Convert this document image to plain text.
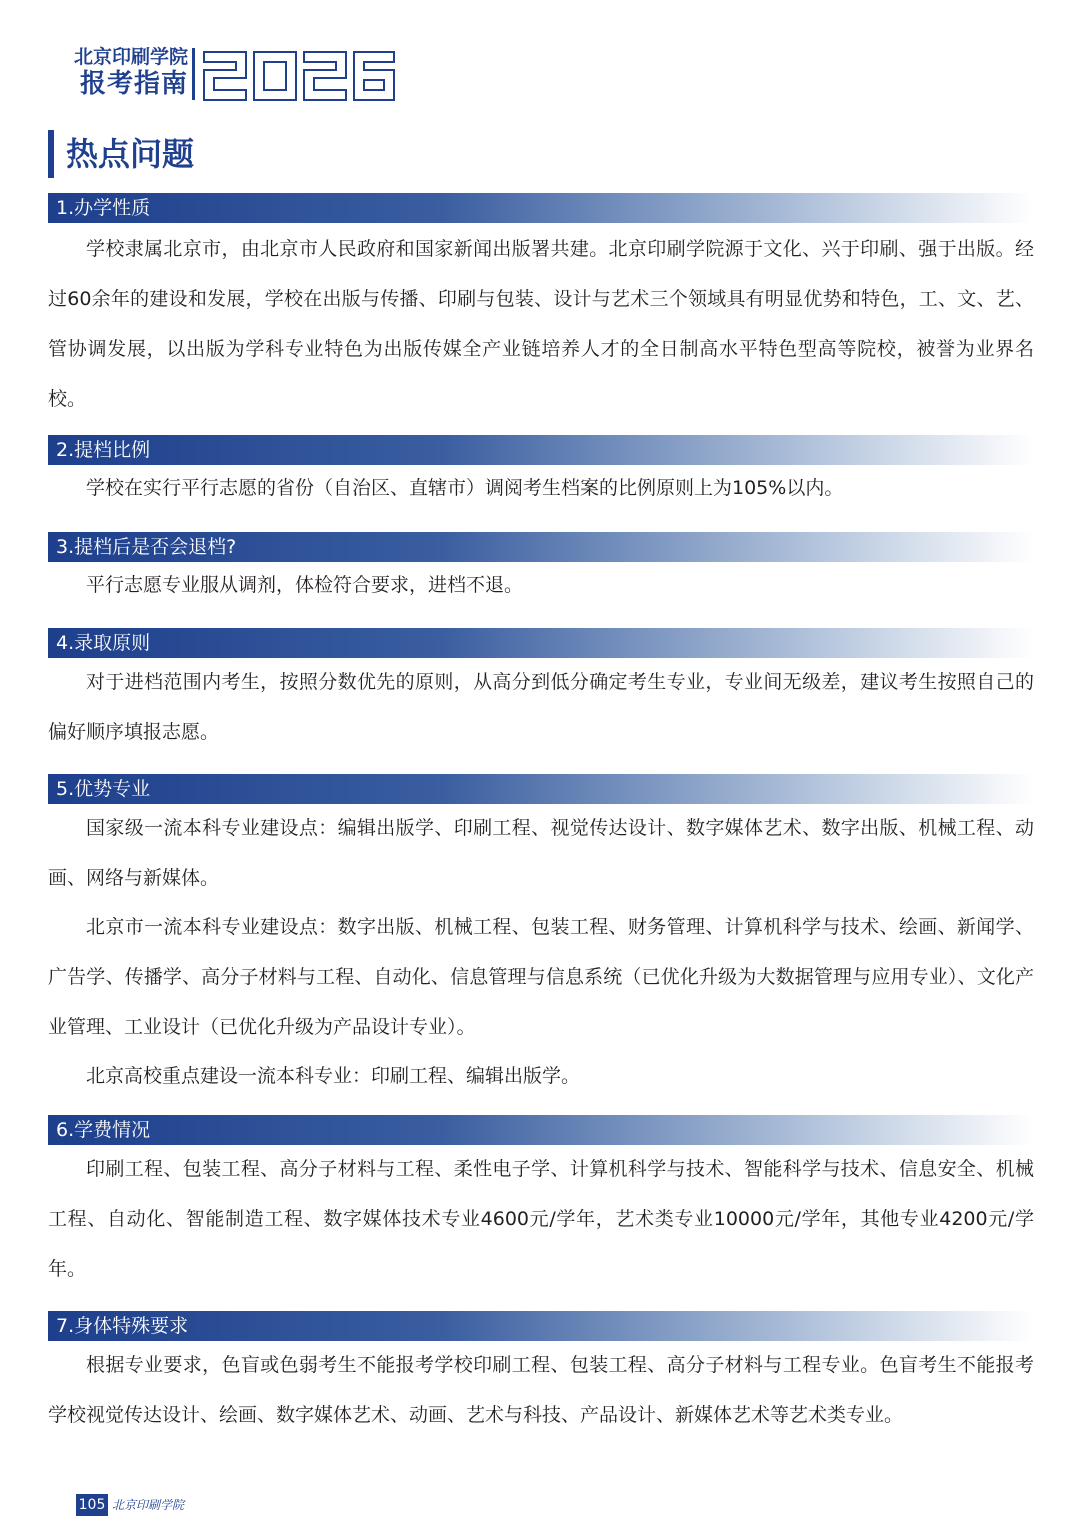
北京印刷学院
报考指南
热点问题
1.办学性质

学校隶属北京市，由北京市人民政府和国家新闻出版署共建。北京印刷学院源于文化、兴于印刷、强于出版。经过60余年的建设和发展，学校在出版与传播、印刷与包装、设计与艺术三个领域具有明显优势和特色，工、文、艺、管协调发展，以出版为学科专业特色为出版传媒全产业链培养人才的全日制高水平特色型高等院校，被誉为业界名校。

2.提档比例

学校在实行平行志愿的省份（自治区、直辖市）调阅考生档案的比例原则上为105%以内。

3.提档后是否会退档?

平行志愿专业服从调剂，体检符合要求，进档不退。

4.录取原则

对于进档范围内考生，按照分数优先的原则，从高分到低分确定考生专业，专业间无级差，建议考生按照自己的偏好顺序填报志愿。

5.优势专业

国家级一流本科专业建设点：编辑出版学、印刷工程、视觉传达设计、数字媒体艺术、数字出版、机械工程、动画、网络与新媒体。

北京市一流本科专业建设点：数字出版、机械工程、包装工程、财务管理、计算机科学与技术、绘画、新闻学、广告学、传播学、高分子材料与工程、自动化、信息管理与信息系统（已优化升级为大数据管理与应用专业）、文化产业管理、工业设计（已优化升级为产品设计专业）。

北京高校重点建设一流本科专业：印刷工程、编辑出版学。

6.学费情况

印刷工程、包装工程、高分子材料与工程、柔性电子学、计算机科学与技术、智能科学与技术、信息安全、机械工程、自动化、智能制造工程、数字媒体技术专业4600元/学年，艺术类专业10000元/学年，其他专业4200元/学年。

7.身体特殊要求

根据专业要求，色盲或色弱考生不能报考学校印刷工程、包装工程、高分子材料与工程专业。色盲考生不能报考学校视觉传达设计、绘画、数字媒体艺术、动画、艺术与科技、产品设计、新媒体艺术等艺术类专业。

105 北京印刷学院
